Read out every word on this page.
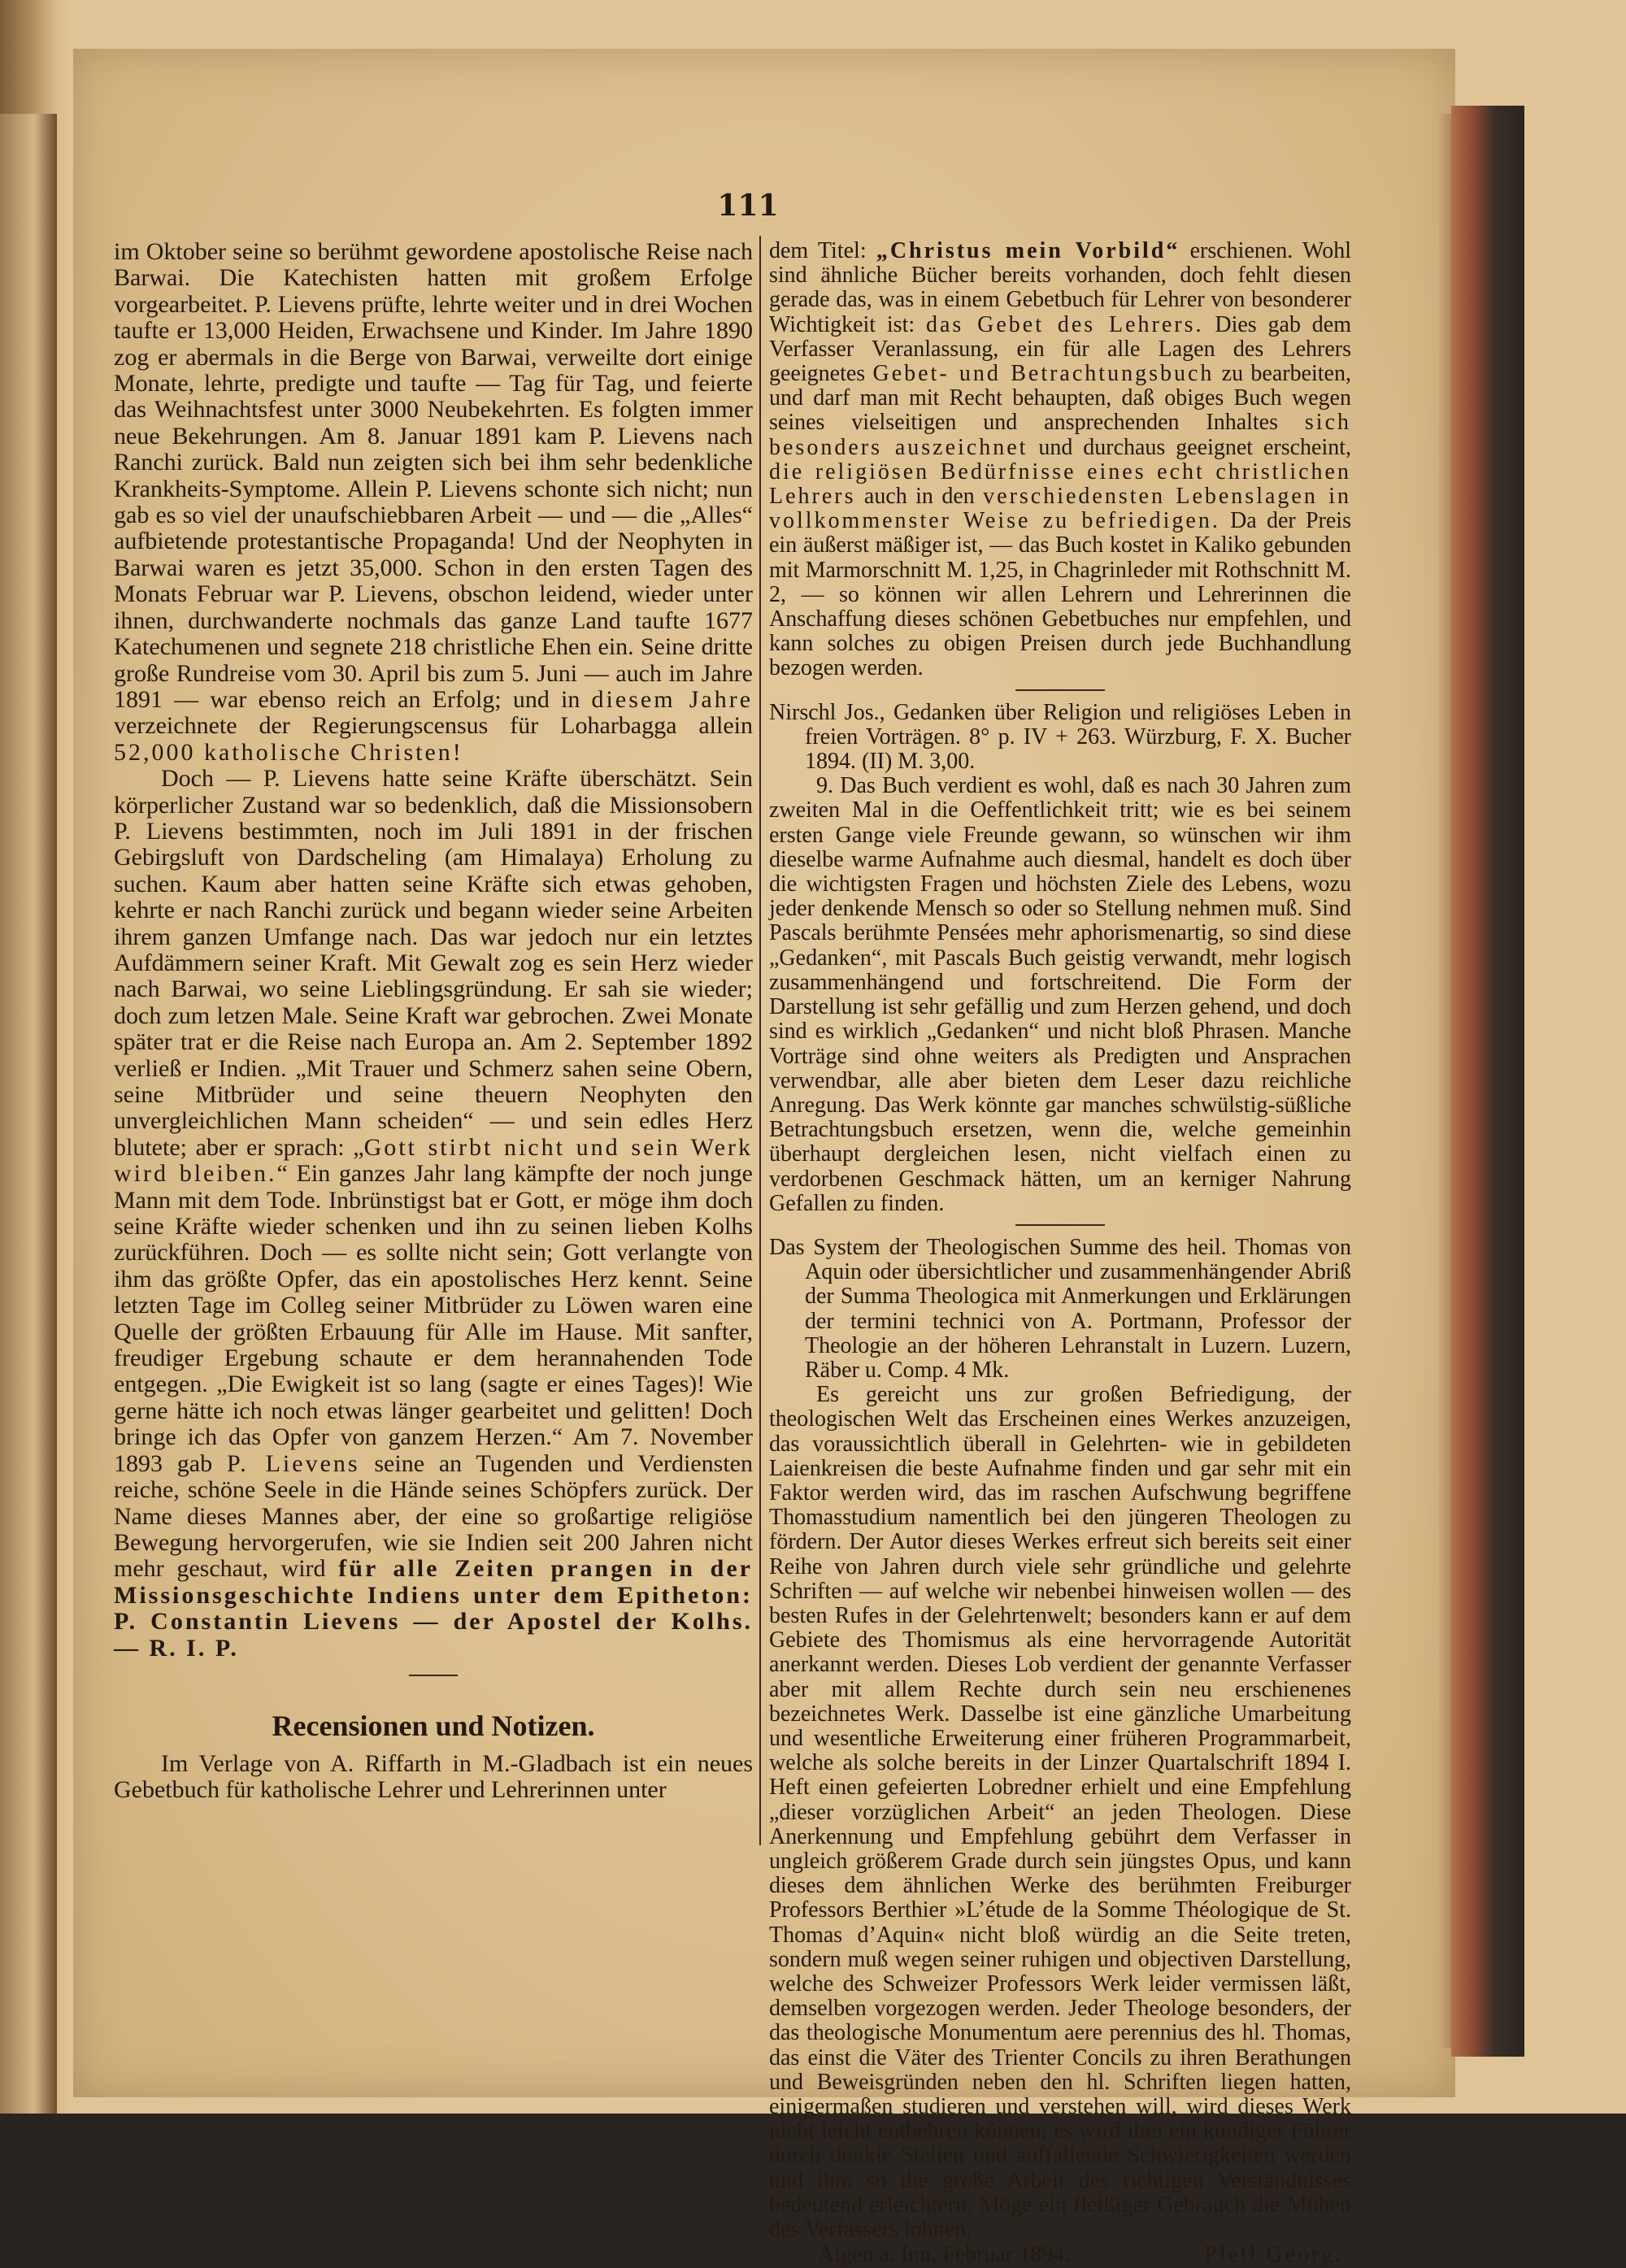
111

im Oktober seine so berühmt gewordene apostolische Reise nach Barwai. Die Katechisten hatten mit großem Erfolge vorgearbeitet. P. Lievens prüfte, lehrte weiter und in drei Wochen taufte er 13,000 Heiden, Erwachsene und Kinder. Im Jahre 1890 zog er abermals in die Berge von Barwai, verweilte dort einige Monate, lehrte, predigte und taufte — Tag für Tag, und feierte das Weihnachtsfest unter 3000 Neubekehrten. Es folgten immer neue Bekehrungen. Am 8. Januar 1891 kam P. Lievens nach Ranchi zurück. Bald nun zeigten sich bei ihm sehr bedenkliche Krankheits-Symptome. Allein P. Lievens schonte sich nicht; nun gab es so viel der unaufschiebbaren Arbeit — und — die „Alles“ aufbietende protestantische Propaganda! Und der Neophyten in Barwai waren es jetzt 35,000. Schon in den ersten Tagen des Monats Februar war P. Lievens, obschon leidend, wieder unter ihnen, durchwanderte nochmals das ganze Land taufte 1677 Katechumenen und segnete 218 christliche Ehen ein. Seine dritte große Rundreise vom 30. April bis zum 5. Juni — auch im Jahre 1891 — war ebenso reich an Erfolg; und in diesem Jahre verzeichnete der Regierungscensus für Loharbagga allein 52,000 katholische Christen!

Doch — P. Lievens hatte seine Kräfte überschätzt. Sein körperlicher Zustand war so bedenklich, daß die Missionsobern P. Lievens bestimmten, noch im Juli 1891 in der frischen Gebirgsluft von Dardscheling (am Himalaya) Erholung zu suchen. Kaum aber hatten seine Kräfte sich etwas gehoben, kehrte er nach Ranchi zurück und begann wieder seine Arbeiten ihrem ganzen Umfange nach. Das war jedoch nur ein letztes Aufdämmern seiner Kraft. Mit Gewalt zog es sein Herz wieder nach Barwai, wo seine Lieblingsgründung. Er sah sie wieder; doch zum letzen Male. Seine Kraft war gebrochen. Zwei Monate später trat er die Reise nach Europa an. Am 2. September 1892 verließ er Indien. „Mit Trauer und Schmerz sahen seine Obern, seine Mitbrüder und seine theuern Neophyten den unvergleichlichen Mann scheiden“ — und sein edles Herz blutete; aber er sprach: „Gott stirbt nicht und sein Werk wird bleiben.“ Ein ganzes Jahr lang kämpfte der noch junge Mann mit dem Tode. Inbrünstigst bat er Gott, er möge ihm doch seine Kräfte wieder schenken und ihn zu seinen lieben Kolhs zurückführen. Doch — es sollte nicht sein; Gott verlangte von ihm das größte Opfer, das ein apostolisches Herz kennt. Seine letzten Tage im Colleg seiner Mitbrüder zu Löwen waren eine Quelle der größten Erbauung für Alle im Hause. Mit sanfter, freudiger Ergebung schaute er dem herannahenden Tode entgegen. „Die Ewigkeit ist so lang (sagte er eines Tages)! Wie gerne hätte ich noch etwas länger gearbeitet und gelitten! Doch bringe ich das Opfer von ganzem Herzen.“ Am 7. November 1893 gab P. Lievens seine an Tugenden und Verdiensten reiche, schöne Seele in die Hände seines Schöpfers zurück. Der Name dieses Mannes aber, der eine so großartige religiöse Bewegung hervorgerufen, wie sie Indien seit 200 Jahren nicht mehr geschaut, wird für alle Zeiten prangen in der Missionsgeschichte Indiens unter dem Epitheton: P. Constantin Lievens — der Apostel der Kolhs. — R. I. P.

Recensionen und Notizen.

Im Verlage von A. Riffarth in M.-Gladbach ist ein neues Gebetbuch für katholische Lehrer und Lehrerinnen unter

dem Titel: „Christus mein Vorbild“ erschienen. Wohl sind ähnliche Bücher bereits vorhanden, doch fehlt diesen gerade das, was in einem Gebetbuch für Lehrer von besonderer Wichtigkeit ist: das Gebet des Lehrers. Dies gab dem Verfasser Veranlassung, ein für alle Lagen des Lehrers geeignetes Gebet- und Betrachtungsbuch zu bearbeiten, und darf man mit Recht behaupten, daß obiges Buch wegen seines vielseitigen und ansprechenden Inhaltes sich besonders auszeichnet und durchaus geeignet erscheint, die religiösen Bedürfnisse eines echt christlichen Lehrers auch in den verschiedensten Lebenslagen in vollkommenster Weise zu befriedigen. Da der Preis ein äußerst mäßiger ist, — das Buch kostet in Kaliko gebunden mit Marmorschnitt M. 1,25, in Chagrinleder mit Rothschnitt M. 2, — so können wir allen Lehrern und Lehrerinnen die Anschaffung dieses schönen Gebetbuches nur empfehlen, und kann solches zu obigen Preisen durch jede Buchhandlung bezogen werden.

Nirschl Jos., Gedanken über Religion und religiöses Leben in freien Vorträgen. 8° p. IV + 263. Würzburg, F. X. Bucher 1894. (II) M. 3,00.

9. Das Buch verdient es wohl, daß es nach 30 Jahren zum zweiten Mal in die Oeffentlichkeit tritt; wie es bei seinem ersten Gange viele Freunde gewann, so wünschen wir ihm dieselbe warme Aufnahme auch diesmal, handelt es doch über die wichtigsten Fragen und höchsten Ziele des Lebens, wozu jeder denkende Mensch so oder so Stellung nehmen muß. Sind Pascals berühmte Pensées mehr aphorismenartig, so sind diese „Gedanken“, mit Pascals Buch geistig verwandt, mehr logisch zusammenhängend und fortschreitend. Die Form der Darstellung ist sehr gefällig und zum Herzen gehend, und doch sind es wirklich „Gedanken“ und nicht bloß Phrasen. Manche Vorträge sind ohne weiters als Predigten und Ansprachen verwendbar, alle aber bieten dem Leser dazu reichliche Anregung. Das Werk könnte gar manches schwülstig-süßliche Betrachtungsbuch ersetzen, wenn die, welche gemeinhin überhaupt dergleichen lesen, nicht vielfach einen zu verdorbenen Geschmack hätten, um an kerniger Nahrung Gefallen zu finden.

Das System der Theologischen Summe des heil. Thomas von Aquin oder übersichtlicher und zusammenhängender Abriß der Summa Theologica mit Anmerkungen und Erklärungen der termini technici von A. Portmann, Professor der Theologie an der höheren Lehranstalt in Luzern. Luzern, Räber u. Comp. 4 Mk.

Es gereicht uns zur großen Befriedigung, der theologischen Welt das Erscheinen eines Werkes anzuzeigen, das voraussichtlich überall in Gelehrten- wie in gebildeten Laienkreisen die beste Aufnahme finden und gar sehr mit ein Faktor werden wird, das im raschen Aufschwung begriffene Thomasstudium namentlich bei den jüngeren Theologen zu fördern. Der Autor dieses Werkes erfreut sich bereits seit einer Reihe von Jahren durch viele sehr gründliche und gelehrte Schriften — auf welche wir nebenbei hinweisen wollen — des besten Rufes in der Gelehrtenwelt; besonders kann er auf dem Gebiete des Thomismus als eine hervorragende Autorität anerkannt werden. Dieses Lob verdient der genannte Verfasser aber mit allem Rechte durch sein neu erschienenes bezeichnetes Werk. Dasselbe ist eine gänzliche Umarbeitung und wesentliche Erweiterung einer früheren Programmarbeit, welche als solche bereits in der Linzer Quartalschrift 1894 I. Heft einen gefeierten Lobredner erhielt und eine Empfehlung „dieser vorzüglichen Arbeit“ an jeden Theologen. Diese Anerkennung und Empfehlung gebührt dem Verfasser in ungleich größerem Grade durch sein jüngstes Opus, und kann dieses dem ähnlichen Werke des berühmten Freiburger Professors Berthier »L’étude de la Somme Théologique de St. Thomas d’Aquin« nicht bloß würdig an die Seite treten, sondern muß wegen seiner ruhigen und objectiven Darstellung, welche des Schweizer Professors Werk leider vermissen läßt, demselben vorgezogen werden. Jeder Theologe besonders, der das theologische Monumentum aere perennius des hl. Thomas, das einst die Väter des Trienter Concils zu ihren Berathungen und Beweisgründen neben den hl. Schriften liegen hatten, einigermaßen studieren und verstehen will, wird dieses Werk nicht leicht entbehren können; es wird ihm ein kundiger Führer durch dunkle Stellen und auffallende Schwierigkeiten werden und ihm so die große Arbeit des richtigen Verständnisses bedeutend erleichtern. Möge ein fleißiger Gebrauch die Mühen des Verfassers lohnen.

Aigen a. Inn, Februar 1894.	Pletl Georg.
